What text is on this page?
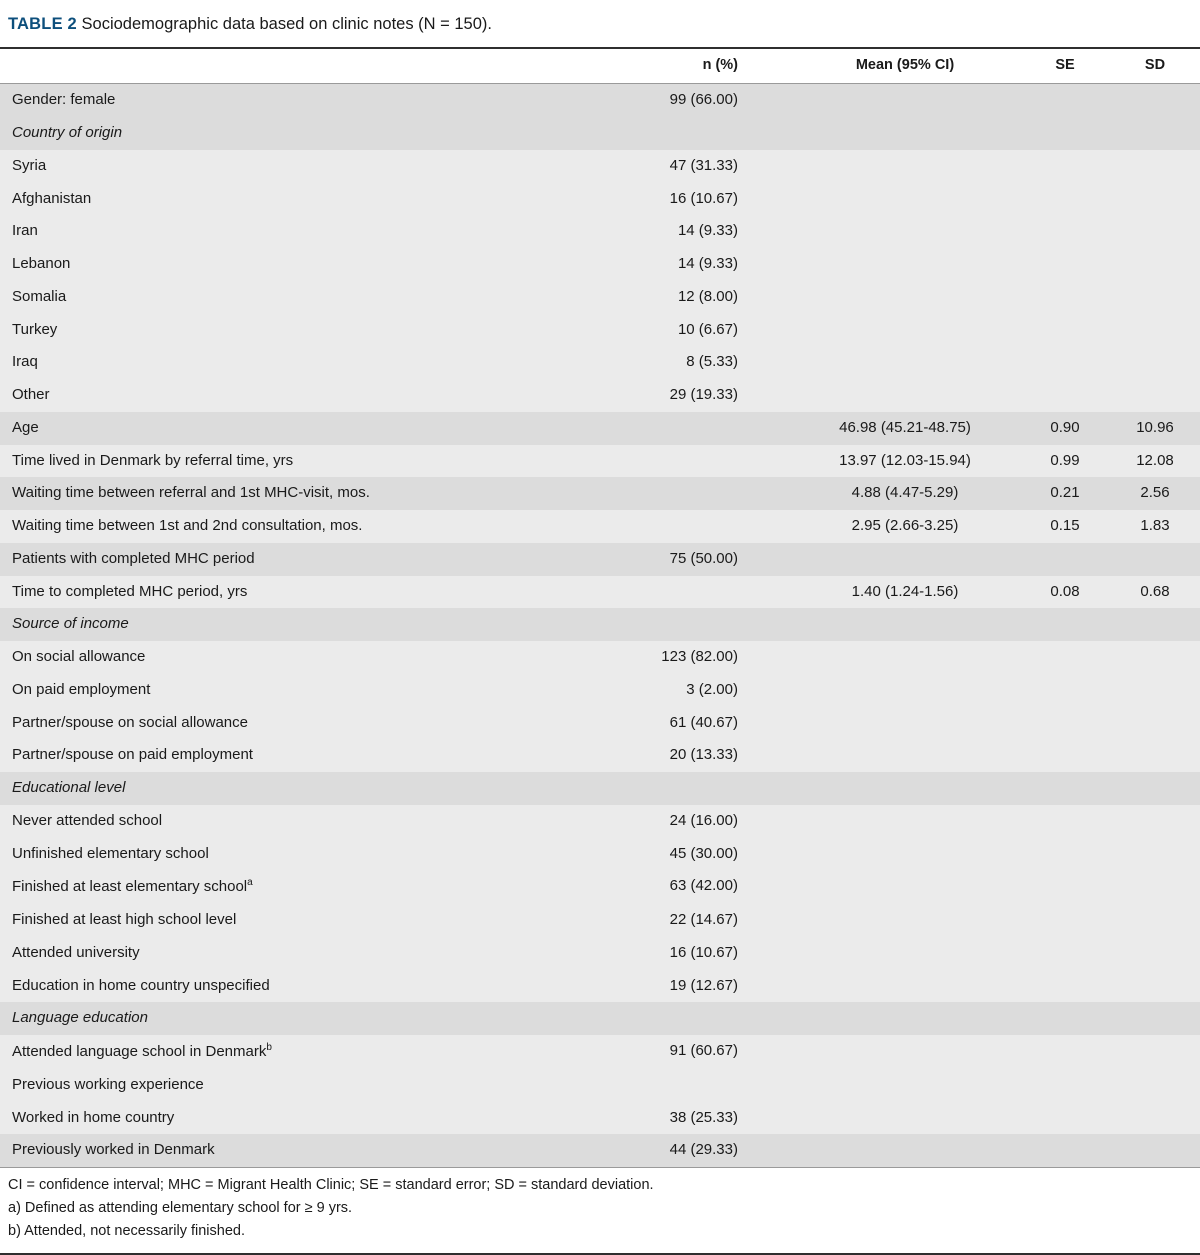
TABLE 2 Sociodemographic data based on clinic notes (N = 150).
	n (%)	Mean (95% CI)	SE	SD
Gender: female	99 (66.00)			
Country of origin				
Syria	47 (31.33)			
Afghanistan	16 (10.67)			
Iran	14 (9.33)			
Lebanon	14 (9.33)			
Somalia	12 (8.00)			
Turkey	10 (6.67)			
Iraq	8 (5.33)			
Other	29 (19.33)			
Age		46.98 (45.21-48.75)	0.90	10.96
Time lived in Denmark by referral time, yrs		13.97 (12.03-15.94)	0.99	12.08
Waiting time between referral and 1st MHC-visit, mos.		4.88 (4.47-5.29)	0.21	2.56
Waiting time between 1st and 2nd consultation, mos.		2.95 (2.66-3.25)	0.15	1.83
Patients with completed MHC period	75 (50.00)			
Time to completed MHC period, yrs		1.40 (1.24-1.56)	0.08	0.68
Source of income				
On social allowance	123 (82.00)			
On paid employment	3 (2.00)			
Partner/spouse on social allowance	61 (40.67)			
Partner/spouse on paid employment	20 (13.33)			
Educational level				
Never attended school	24 (16.00)			
Unfinished elementary school	45 (30.00)			
Finished at least elementary school$^a$	63 (42.00)			
Finished at least high school level	22 (14.67)			
Attended university	16 (10.67)			
Education in home country unspecified	19 (12.67)			
Language education				
Attended language school in Denmark$^b$	91 (60.67)			
Previous working experience				
Worked in home country	38 (25.33)			
Previously worked in Denmark	44 (29.33)			
CI = confidence interval; MHC = Migrant Health Clinic; SE = standard error; SD = standard deviation.
a) Defined as attending elementary school for ≥ 9 yrs.
b) Attended, not necessarily finished.
